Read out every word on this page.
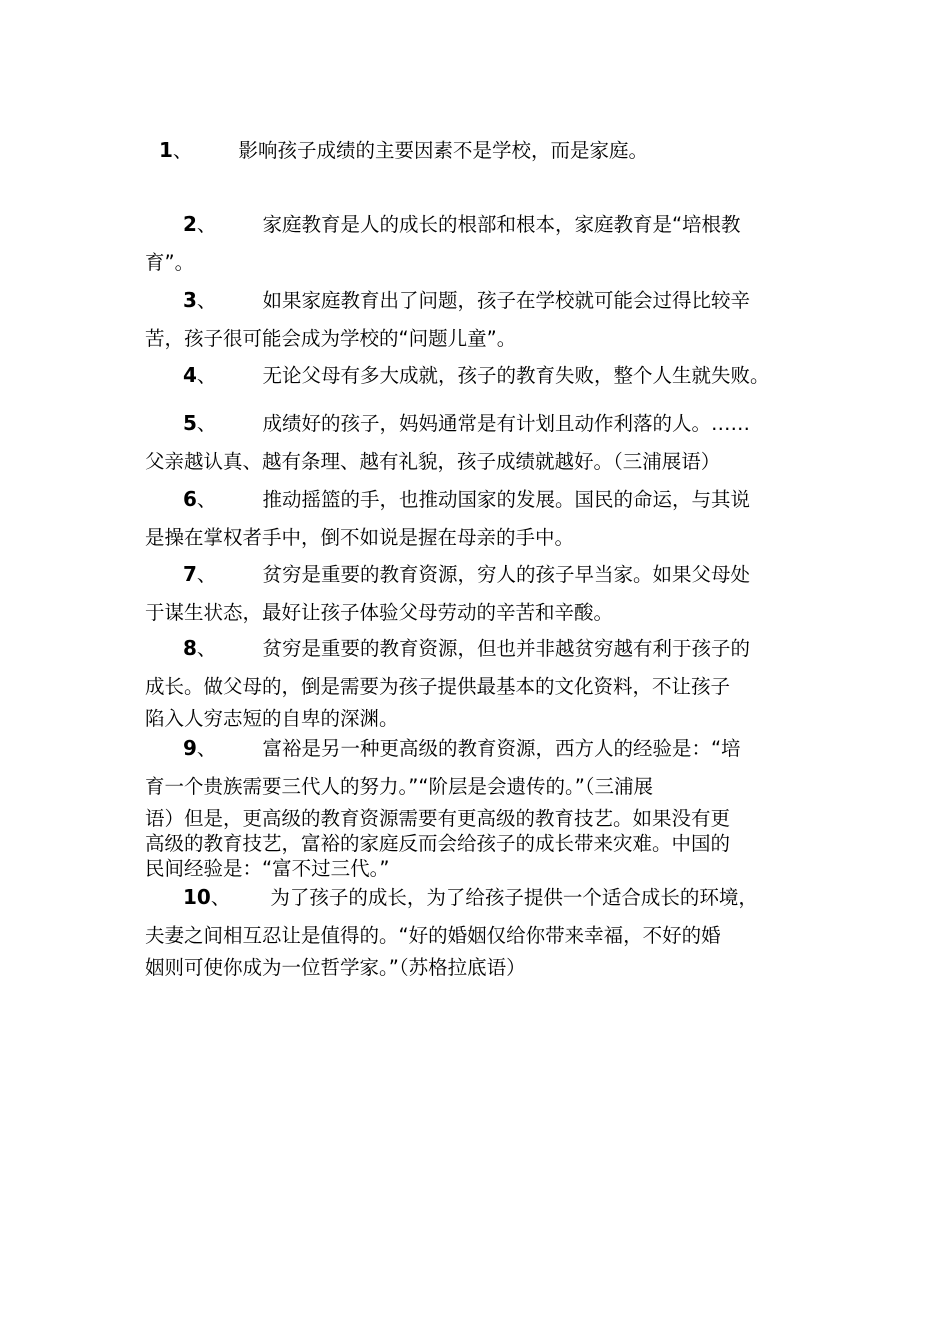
1、 影响孩子成绩的主要因素不是学校，而是家庭。
2、 家庭教育是人的成长的根部和根本，家庭教育是“培根教
育”。
3、 如果家庭教育出了问题，孩子在学校就可能会过得比较辛
苦，孩子很可能会成为学校的“问题儿童”。
4、 无论父母有多大成就，孩子的教育失败，整个人生就失败。
5、 成绩好的孩子，妈妈通常是有计划且动作利落的人。……
父亲越认真、越有条理、越有礼貌，孩子成绩就越好。（三浦展语）
6、 推动摇篮的手，也推动国家的发展。国民的命运，与其说
是操在掌权者手中，倒不如说是握在母亲的手中。
7、 贫穷是重要的教育资源，穷人的孩子早当家。如果父母处
于谋生状态，最好让孩子体验父母劳动的辛苦和辛酸。
8、 贫穷是重要的教育资源，但也并非越贫穷越有利于孩子的
成长。做父母的，倒是需要为孩子提供最基本的文化资料，不让孩子
陷入人穷志短的自卑的深渊。
9、 富裕是另一种更高级的教育资源，西方人的经验是：“培
育一个贵族需要三代人的努力。”“阶层是会遗传的。”（三浦展
语）但是，更高级的教育资源需要有更高级的教育技艺。如果没有更
高级的教育技艺，富裕的家庭反而会给孩子的成长带来灾难。中国的
民间经验是：“富不过三代。”
10、 为了孩子的成长，为了给孩子提供一个适合成长的环境，
夫妻之间相互忍让是值得的。“好的婚姻仅给你带来幸福，不好的婚
姻则可使你成为一位哲学家。”（苏格拉底语）
